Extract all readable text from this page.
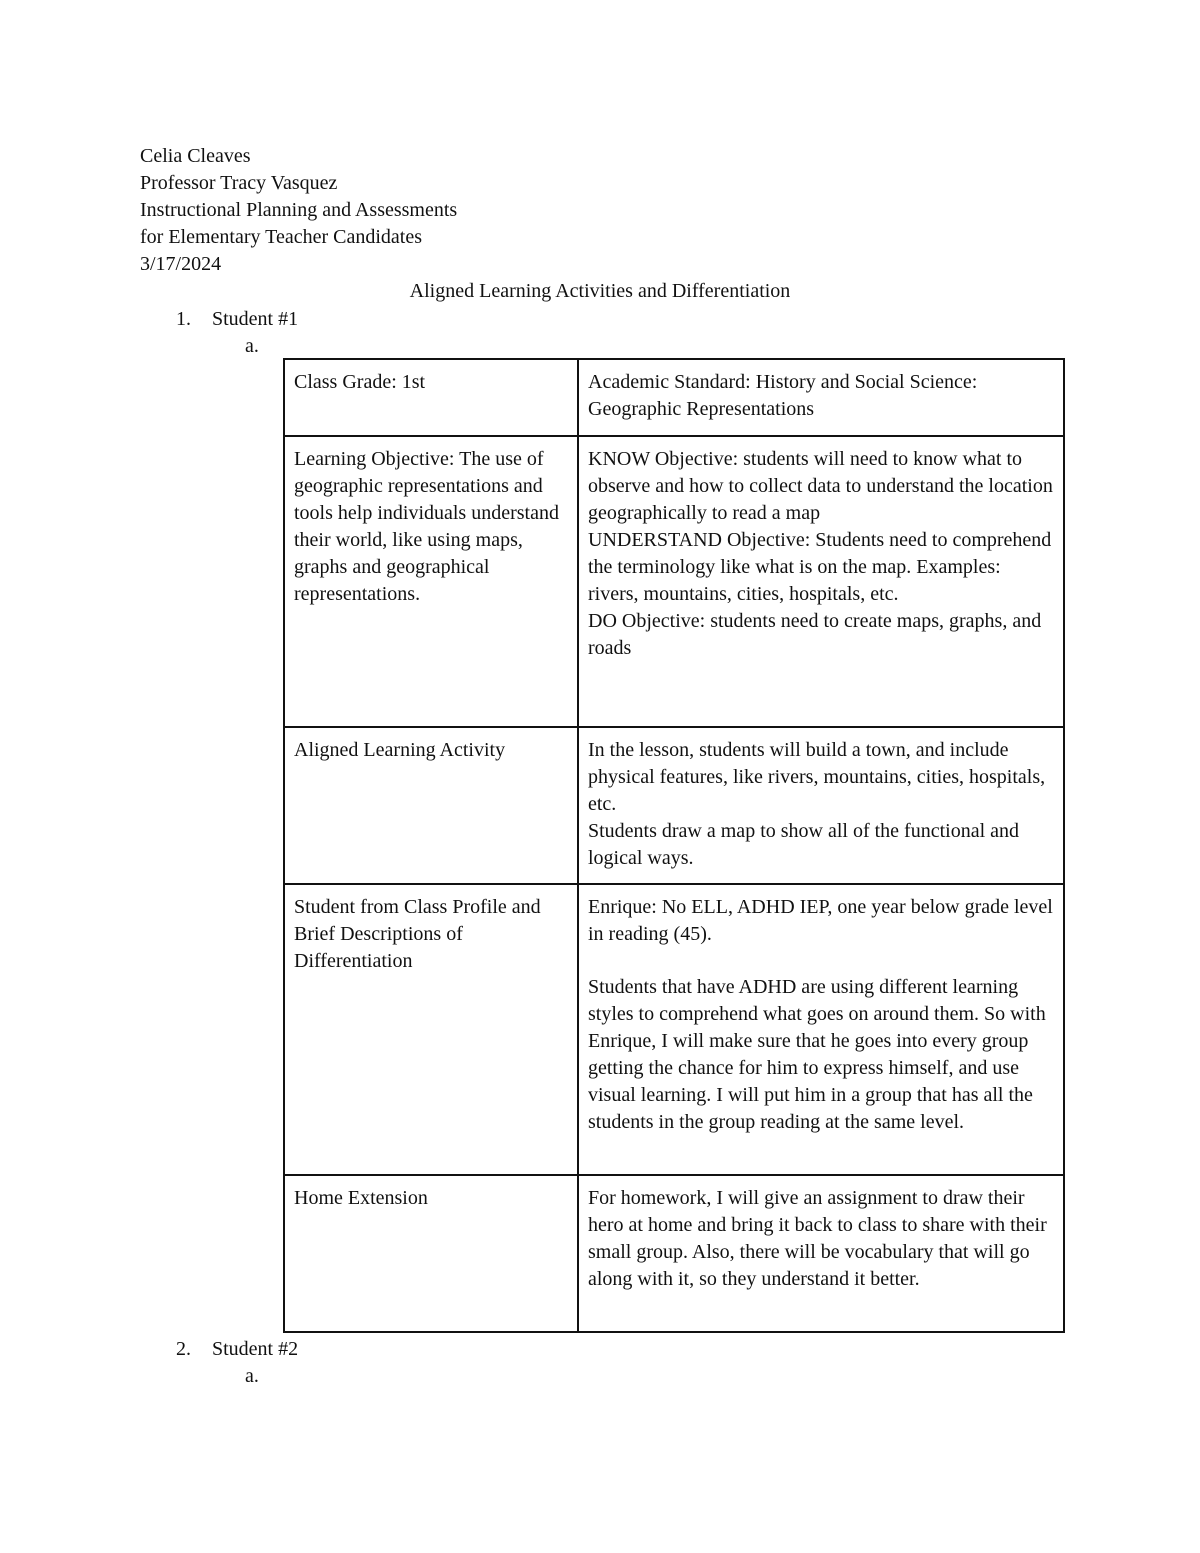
Celia Cleaves
Professor Tracy Vasquez
Instructional Planning and Assessments
for Elementary Teacher Candidates
3/17/2024
Aligned Learning Activities and Differentiation
1. Student #1
a.
Class Grade: 1st	Academic Standard: History and Social Science: Geographic Representations

Learning Objective: The use of geographic representations and tools help individuals understand their world, like using maps, graphs and geographical representations.	KNOW Objective: students will need to know what to observe and how to collect data to understand the location geographically to read a map
UNDERSTAND Objective: Students need to comprehend the terminology like what is on the map. Examples: rivers, mountains, cities, hospitals, etc.
DO Objective: students need to create maps, graphs, and roads

Aligned Learning Activity	In the lesson, students will build a town, and include physical features, like rivers, mountains, cities, hospitals, etc.
Students draw a map to show all of the functional and logical ways.

Student from Class Profile and Brief Descriptions of Differentiation	Enrique: No ELL, ADHD IEP, one year below grade level in reading (45).
Students that have ADHD are using different learning styles to comprehend what goes on around them. So with Enrique, I will make sure that he goes into every group getting the chance for him to express himself, and use visual learning. I will put him in a group that has all the students in the group reading at the same level.

Home Extension	For homework, I will give an assignment to draw their hero at home and bring it back to class to share with their small group. Also, there will be vocabulary that will go along with it, so they understand it better.
2. Student #2
a.
